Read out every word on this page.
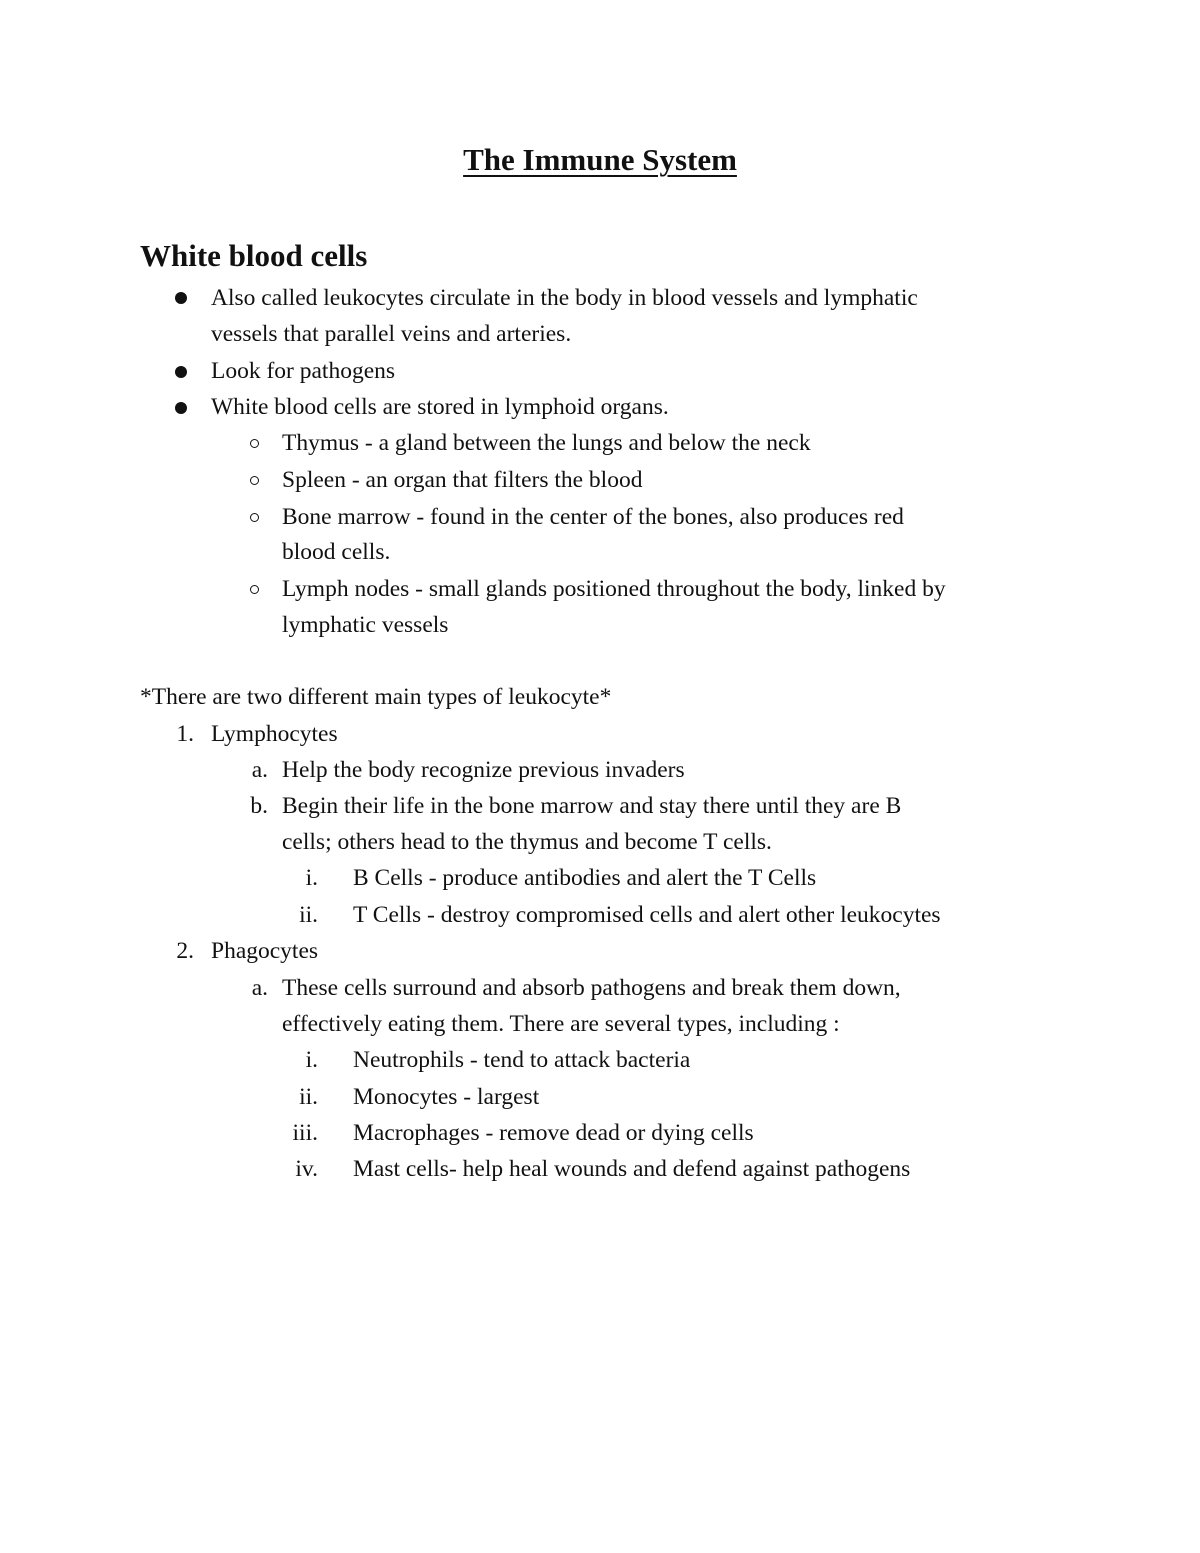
The Immune System
White blood cells
Also called leukocytes circulate in the body in blood vessels and lymphatic
vessels that parallel veins and arteries.
Look for pathogens
White blood cells are stored in lymphoid organs.
Thymus - a gland between the lungs and below the neck
Spleen - an organ that filters the blood
Bone marrow - found in the center of the bones, also produces red
blood cells.
Lymph nodes - small glands positioned throughout the body, linked by
lymphatic vessels
*There are two different main types of leukocyte*
1. Lymphocytes
a. Help the body recognize previous invaders
b. Begin their life in the bone marrow and stay there until they are B
cells; others head to the thymus and become T cells.
i. B Cells - produce antibodies and alert the T Cells
ii. T Cells - destroy compromised cells and alert other leukocytes
2. Phagocytes
a. These cells surround and absorb pathogens and break them down,
effectively eating them. There are several types, including :
i. Neutrophils - tend to attack bacteria
ii. Monocytes - largest
iii. Macrophages - remove dead or dying cells
iv. Mast cells- help heal wounds and defend against pathogens
